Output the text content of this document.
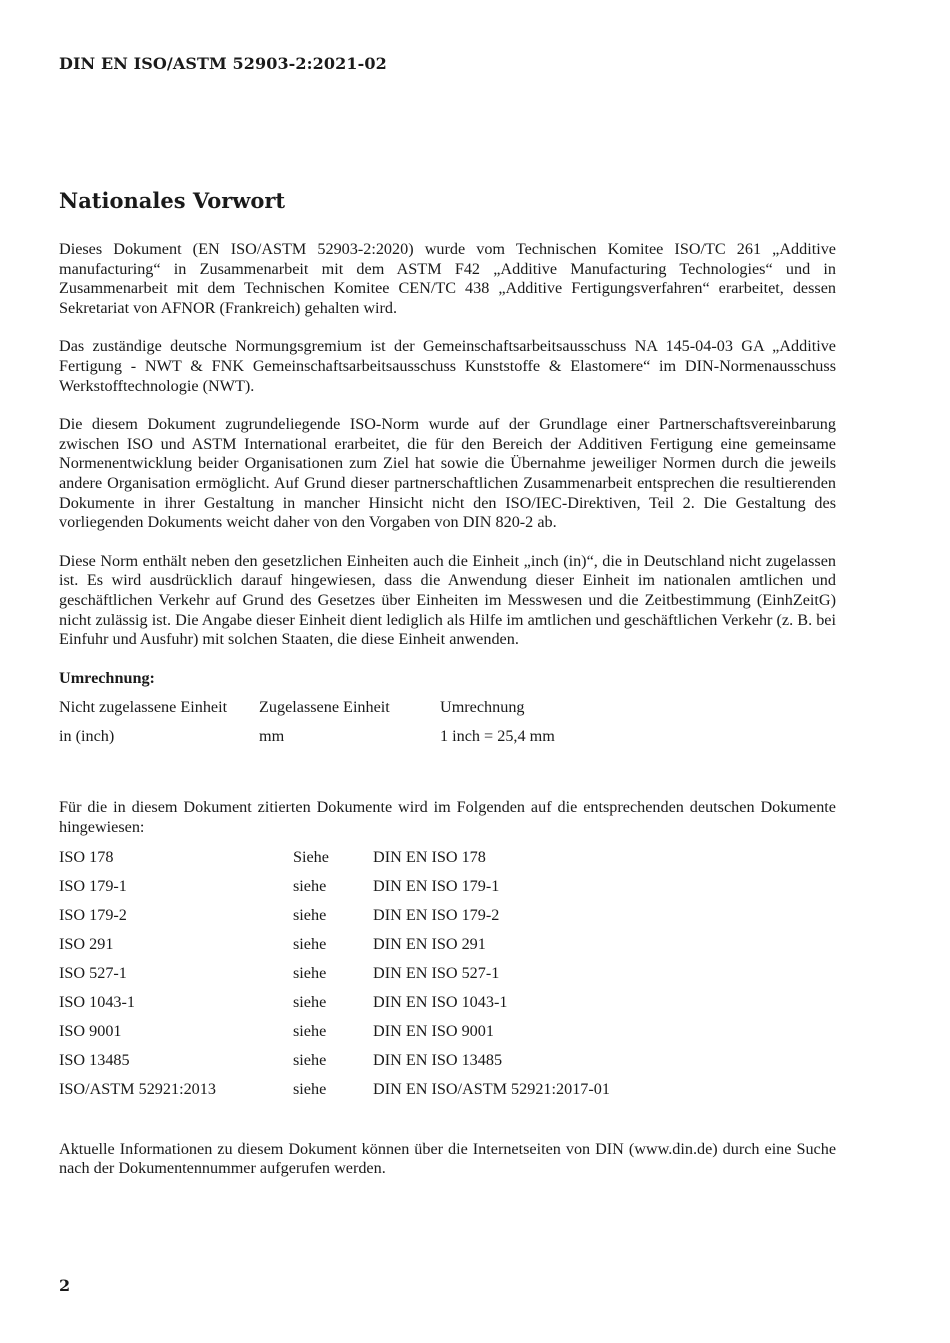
DIN EN ISO/ASTM 52903-2:2021-02
Nationales Vorwort

Dieses Dokument (EN ISO/ASTM 52903-2:2020) wurde vom Technischen Komitee ISO/TC 261 „Additive manufacturing“ in Zusammenarbeit mit dem ASTM F42 „Additive Manufacturing Technologies“ und in Zusammenarbeit mit dem Technischen Komitee CEN/TC 438 „Additive Fertigungsverfahren“ erarbeitet, dessen Sekretariat von AFNOR (Frankreich) gehalten wird.

Das zuständige deutsche Normungsgremium ist der Gemeinschaftsarbeitsausschuss NA 145-04-03 GA „Additive Fertigung - NWT & FNK Gemeinschaftsarbeitsausschuss Kunststoffe & Elastomere“ im DIN-Normenausschuss Werkstofftechnologie (NWT).

Die diesem Dokument zugrundeliegende ISO-Norm wurde auf der Grundlage einer Partnerschaftsvereinbarung zwischen ISO und ASTM International erarbeitet, die für den Bereich der Additiven Fertigung eine gemeinsame Normenentwicklung beider Organisationen zum Ziel hat sowie die Übernahme jeweiliger Normen durch die jeweils andere Organisation ermöglicht. Auf Grund dieser partnerschaftlichen Zusammenarbeit entsprechen die resultierenden Dokumente in ihrer Gestaltung in mancher Hinsicht nicht den ISO/IEC-Direktiven, Teil 2. Die Gestaltung des vorliegenden Dokuments weicht daher von den Vorgaben von DIN 820-2 ab.

Diese Norm enthält neben den gesetzlichen Einheiten auch die Einheit „inch (in)“, die in Deutschland nicht zugelassen ist. Es wird ausdrücklich darauf hingewiesen, dass die Anwendung dieser Einheit im nationalen amtlichen und geschäftlichen Verkehr auf Grund des Gesetzes über Einheiten im Messwesen und die Zeitbestimmung (EinhZeitG) nicht zulässig ist. Die Angabe dieser Einheit dient lediglich als Hilfe im amtlichen und geschäftlichen Verkehr (z. B. bei Einfuhr und Ausfuhr) mit solchen Staaten, die diese Einheit anwenden.

Umrechnung:

Nicht zugelassene Einheit	Zugelassene Einheit	Umrechnung
in (inch)	mm	1 inch = 25,4 mm

Für die in diesem Dokument zitierten Dokumente wird im Folgenden auf die entsprechenden deutschen Dokumente hingewiesen:

ISO 178	Siehe	DIN EN ISO 178
ISO 179-1	siehe	DIN EN ISO 179-1
ISO 179-2	siehe	DIN EN ISO 179-2
ISO 291	siehe	DIN EN ISO 291
ISO 527-1	siehe	DIN EN ISO 527-1
ISO 1043-1	siehe	DIN EN ISO 1043-1
ISO 9001	siehe	DIN EN ISO 9001
ISO 13485	siehe	DIN EN ISO 13485
ISO/ASTM 52921:2013	siehe	DIN EN ISO/ASTM 52921:2017-01

Aktuelle Informationen zu diesem Dokument können über die Internetseiten von DIN (www.din.de) durch eine Suche nach der Dokumentennummer aufgerufen werden.

2
